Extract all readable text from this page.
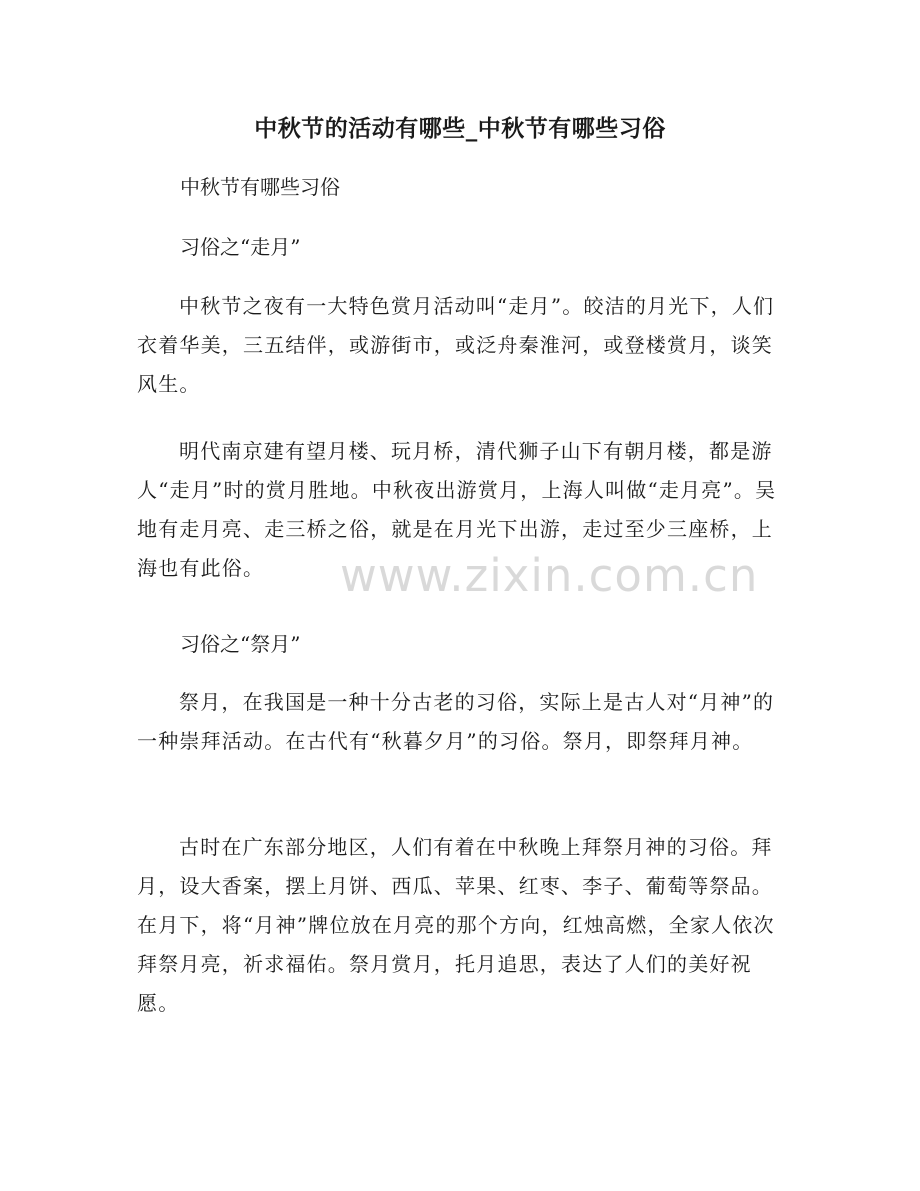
中秋节的活动有哪些_中秋节有哪些习俗
中秋节有哪些习俗
习俗之“走月”

中秋节之夜有一大特色赏月活动叫“走月”。皎洁的月光下，人们衣着华美，三五结伴，或游街市，或泛舟秦淮河，或登楼赏月，谈笑风生。

明代南京建有望月楼、玩月桥，清代狮子山下有朝月楼，都是游人“走月”时的赏月胜地。中秋夜出游赏月，上海人叫做“走月亮”。吴地有走月亮、走三桥之俗，就是在月光下出游，走过至少三座桥，上海也有此俗。

习俗之“祭月”

祭月，在我国是一种十分古老的习俗，实际上是古人对“月神”的一种崇拜活动。在古代有“秋暮夕月”的习俗。祭月，即祭拜月神。

古时在广东部分地区，人们有着在中秋晚上拜祭月神的习俗。拜月，设大香案，摆上月饼、西瓜、苹果、红枣、李子、葡萄等祭品。在月下，将“月神”牌位放在月亮的那个方向，红烛高燃，全家人依次拜祭月亮，祈求福佑。祭月赏月，托月追思，表达了人们的美好祝愿。

www.zixin.com.cn
